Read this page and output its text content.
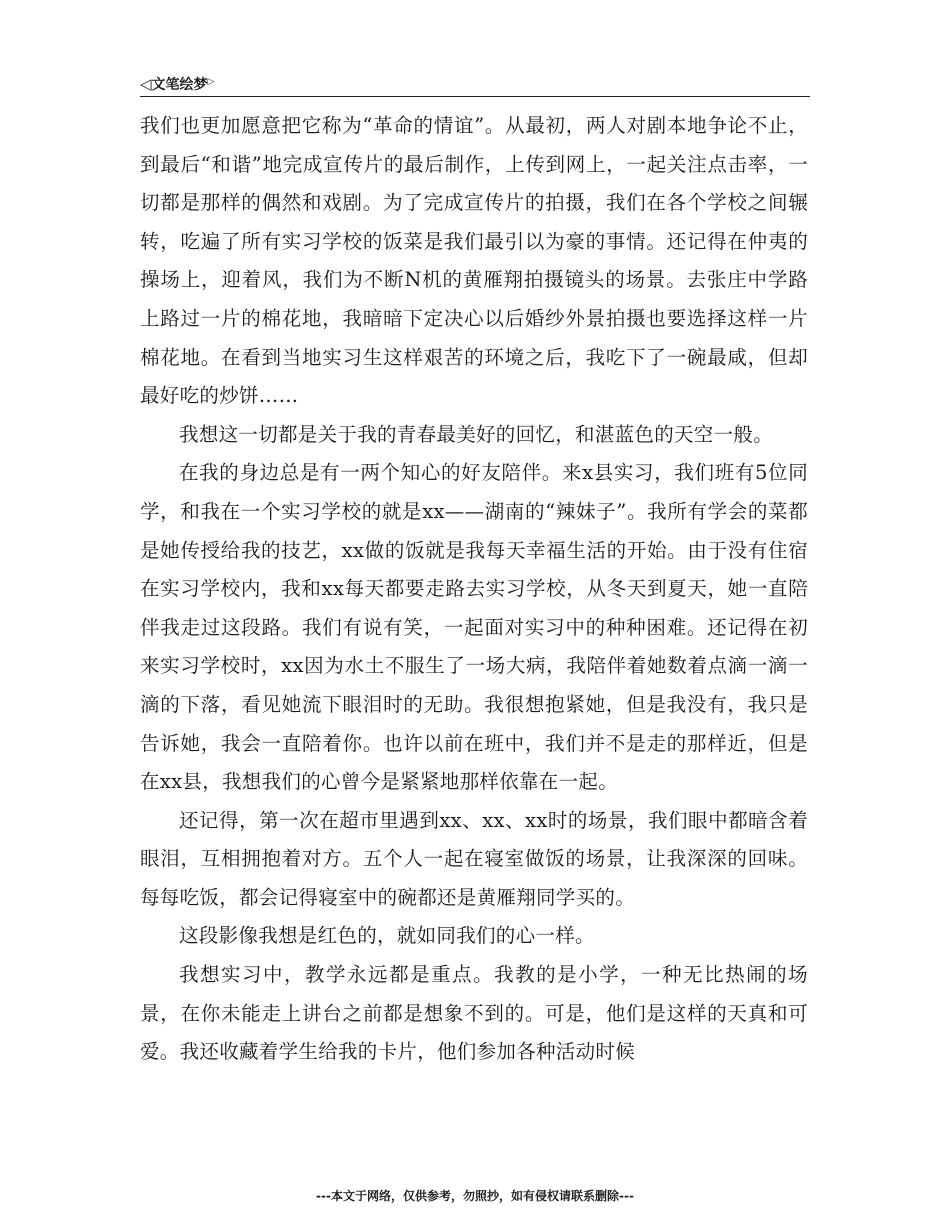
◁文笔绘梦▷

我们也更加愿意把它称为“革命的情谊”。从最初，两人对剧本地争论不止，到最后“和谐”地完成宣传片的最后制作，上传到网上，一起关注点击率，一切都是那样的偶然和戏剧。为了完成宣传片的拍摄，我们在各个学校之间辗转，吃遍了所有实习学校的饭菜是我们最引以为豪的事情。还记得在仲夷的操场上，迎着风，我们为不断N机的黄雁翔拍摄镜头的场景。去张庄中学路上路过一片的棉花地，我暗暗下定决心以后婚纱外景拍摄也要选择这样一片棉花地。在看到当地实习生这样艰苦的环境之后，我吃下了一碗最咸，但却最好吃的炒饼……

我想这一切都是关于我的青春最美好的回忆，和湛蓝色的天空一般。

在我的身边总是有一两个知心的好友陪伴。来x县实习，我们班有5位同学，和我在一个实习学校的就是xx——湖南的“辣妹子”。我所有学会的菜都是她传授给我的技艺，xx做的饭就是我每天幸福生活的开始。由于没有住宿在实习学校内，我和xx每天都要走路去实习学校，从冬天到夏天，她一直陪伴我走过这段路。我们有说有笑，一起面对实习中的种种困难。还记得在初来实习学校时，xx因为水土不服生了一场大病，我陪伴着她数着点滴一滴一滴的下落，看见她流下眼泪时的无助。我很想抱紧她，但是我没有，我只是告诉她，我会一直陪着你。也许以前在班中，我们并不是走的那样近，但是在xx县，我想我们的心曾今是紧紧地那样依靠在一起。

还记得，第一次在超市里遇到xx、xx、xx时的场景，我们眼中都暗含着眼泪，互相拥抱着对方。五个人一起在寝室做饭的场景，让我深深的回味。每每吃饭，都会记得寝室中的碗都还是黄雁翔同学买的。

这段影像我想是红色的，就如同我们的心一样。

我想实习中，教学永远都是重点。我教的是小学，一种无比热闹的场景，在你未能走上讲台之前都是想象不到的。可是，他们是这样的天真和可爱。我还收藏着学生给我的卡片，他们参加各种活动时候

---本文于网络，仅供参考，勿照抄，如有侵权请联系删除---
